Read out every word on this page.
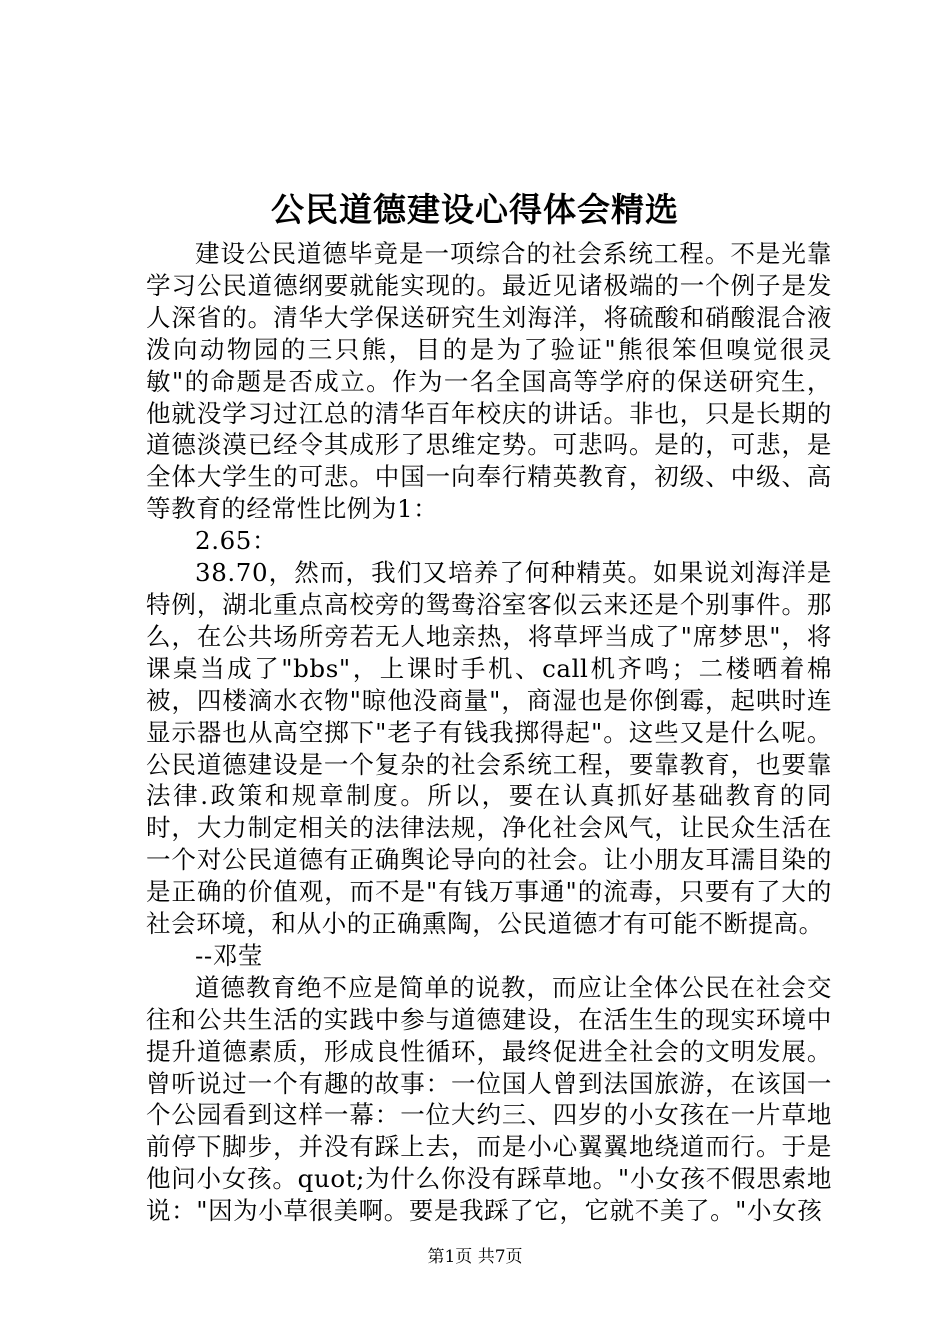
公民道德建设心得体会精选

建设公民道德毕竟是一项综合的社会系统工程。不是光靠学习公民道德纲要就能实现的。最近见诸极端的一个例子是发人深省的。清华大学保送研究生刘海洋，将硫酸和硝酸混合液泼向动物园的三只熊，目的是为了验证"熊很笨但嗅觉很灵敏"的命题是否成立。作为一名全国高等学府的保送研究生，他就没学习过江总的清华百年校庆的讲话。非也，只是长期的道德淡漠已经令其成形了思维定势。可悲吗。是的，可悲，是全体大学生的可悲。中国一向奉行精英教育，初级、中级、高等教育的经常性比例为1：

2.65：

38.70，然而，我们又培养了何种精英。如果说刘海洋是特例，湖北重点高校旁的鸳鸯浴室客似云来还是个别事件。那么，在公共场所旁若无人地亲热，将草坪当成了"席梦思"，将课桌当成了"bbs"，上课时手机、call机齐鸣；二楼晒着棉被，四楼滴水衣物"晾他没商量"，商湿也是你倒霉，起哄时连显示器也从高空掷下"老子有钱我掷得起"。这些又是什么呢。公民道德建设是一个复杂的社会系统工程，要靠教育，也要靠法律.政策和规章制度。所以，要在认真抓好基础教育的同时，大力制定相关的法律法规，净化社会风气，让民众生活在一个对公民道德有正确舆论导向的社会。让小朋友耳濡目染的是正确的价值观，而不是"有钱万事通"的流毒，只要有了大的社会环境，和从小的正确熏陶，公民道德才有可能不断提高。

--邓莹

道德教育绝不应是简单的说教，而应让全体公民在社会交往和公共生活的实践中参与道德建设，在活生生的现实环境中提升道德素质，形成良性循环，最终促进全社会的文明发展。曾听说过一个有趣的故事：一位国人曾到法国旅游，在该国一个公园看到这样一幕：一位大约三、四岁的小女孩在一片草地前停下脚步，并没有踩上去，而是小心翼翼地绕道而行。于是他问小女孩。quot;为什么你没有踩草地。"小女孩不假思索地说："因为小草很美啊。要是我踩了它，它就不美了。"小女孩

第1页 共7页
